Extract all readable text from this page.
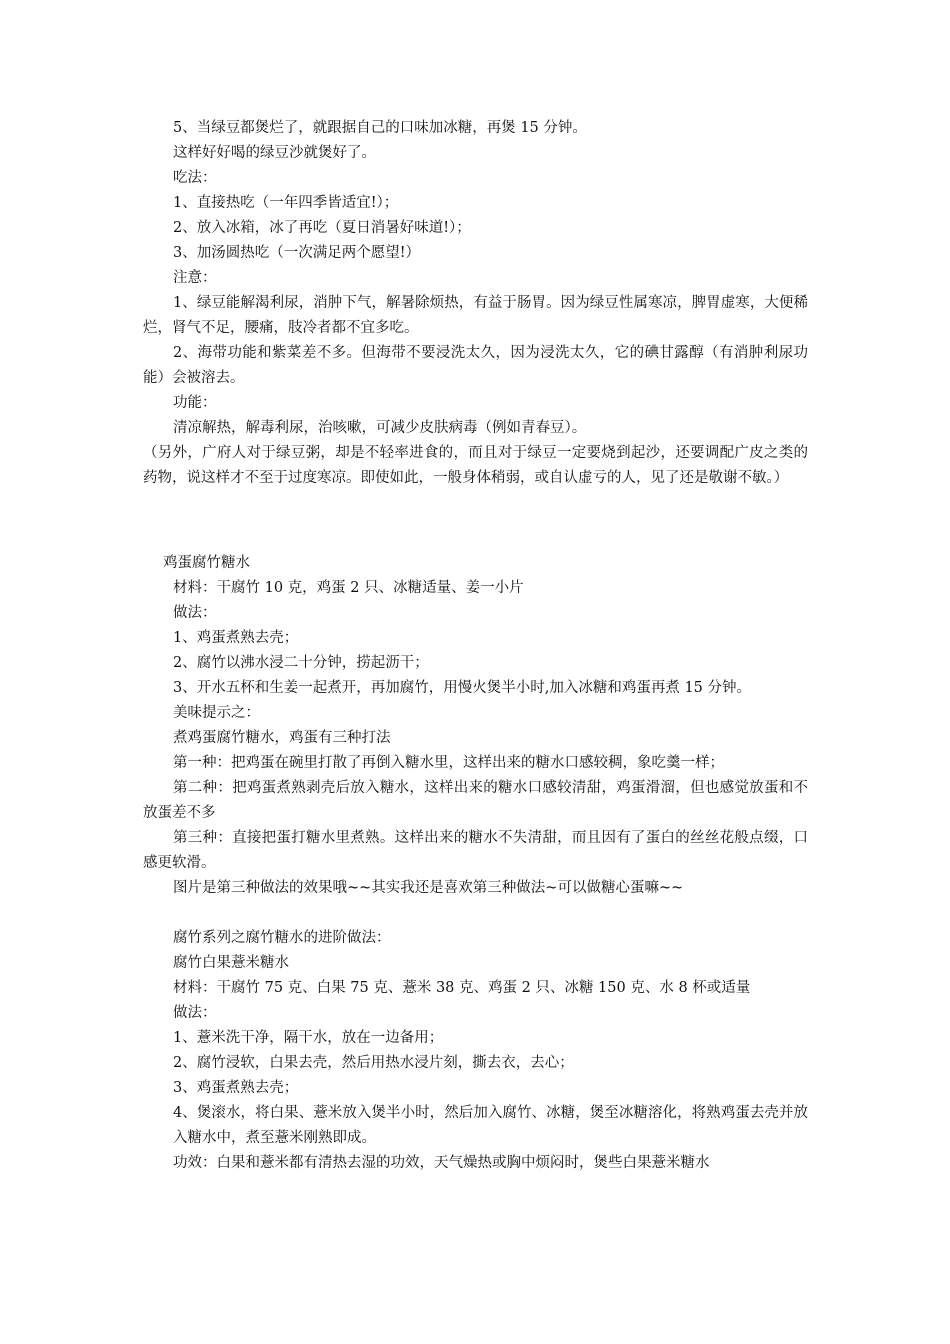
5、当绿豆都煲烂了，就跟据自己的口味加冰糖，再煲 15 分钟。
这样好好喝的绿豆沙就煲好了。
吃法：
1、直接热吃（一年四季皆适宜!）；
2、放入冰箱，冰了再吃（夏日消暑好味道!）；
3、加汤圆热吃（一次满足两个愿望!）
注意：
1、绿豆能解渴利尿，消肿下气，解暑除烦热，有益于肠胃。因为绿豆性属寒凉，脾胃虚寒，大便稀烂，肾气不足，腰痛，肢冷者都不宜多吃。
2、海带功能和紫菜差不多。但海带不要浸洗太久，因为浸洗太久，它的碘甘露醇（有消肿利尿功能）会被溶去。
功能：
清凉解热，解毒利尿，治咳嗽，可减少皮肤病毒（例如青春豆）。
（另外，广府人对于绿豆粥，却是不轻率进食的，而且对于绿豆一定要烧到起沙，还要调配广皮之类的药物，说这样才不至于过度寒凉。即使如此，一般身体稍弱，或自认虚亏的人，见了还是敬谢不敏。）
鸡蛋腐竹糖水
材料：干腐竹 10 克，鸡蛋 2 只、冰糖适量、姜一小片
做法：
1、鸡蛋煮熟去壳；
2、腐竹以沸水浸二十分钟，捞起沥干；
3、开水五杯和生姜一起煮开，再加腐竹，用慢火煲半小时,加入冰糖和鸡蛋再煮 15 分钟。
美味提示之：
煮鸡蛋腐竹糖水，鸡蛋有三种打法
第一种：把鸡蛋在碗里打散了再倒入糖水里，这样出来的糖水口感较稠，象吃羹一样；
第二种：把鸡蛋煮熟剥壳后放入糖水，这样出来的糖水口感较清甜，鸡蛋滑溜，但也感觉放蛋和不放蛋差不多
第三种：直接把蛋打糖水里煮熟。这样出来的糖水不失清甜，而且因有了蛋白的丝丝花般点缀，口感更软滑。
图片是第三种做法的效果哦~~其实我还是喜欢第三种做法~可以做糖心蛋嘛~~
腐竹系列之腐竹糖水的进阶做法：
腐竹白果薏米糖水
材料：干腐竹 75 克、白果 75 克、薏米 38 克、鸡蛋 2 只、冰糖 150 克、水 8 杯或适量
做法：
1、薏米洗干净，隔干水，放在一边备用；
2、腐竹浸软，白果去壳，然后用热水浸片刻，撕去衣，去心；
3、鸡蛋煮熟去壳；
4、煲滚水，将白果、薏米放入煲半小时，然后加入腐竹、冰糖，煲至冰糖溶化，将熟鸡蛋去壳并放入糖水中，煮至薏米刚熟即成。
功效：白果和薏米都有清热去湿的功效，天气燥热或胸中烦闷时，煲些白果薏米糖水
